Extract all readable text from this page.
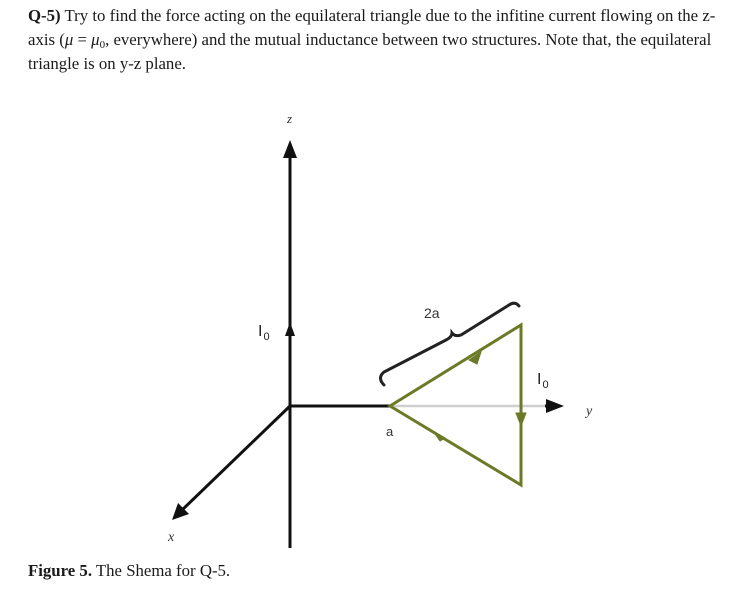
Q-5) Try to find the force acting on the equilateral triangle due to the infitine current flowing on the z-axis ($\mu = \mu_0$, everywhere) and the mutual inductance between two structures. Note that, the equilateral triangle is on y-z plane.

z
y
x
$I_0$
$I_0$
2a
a

Figure 5. The Shema for Q-5.
